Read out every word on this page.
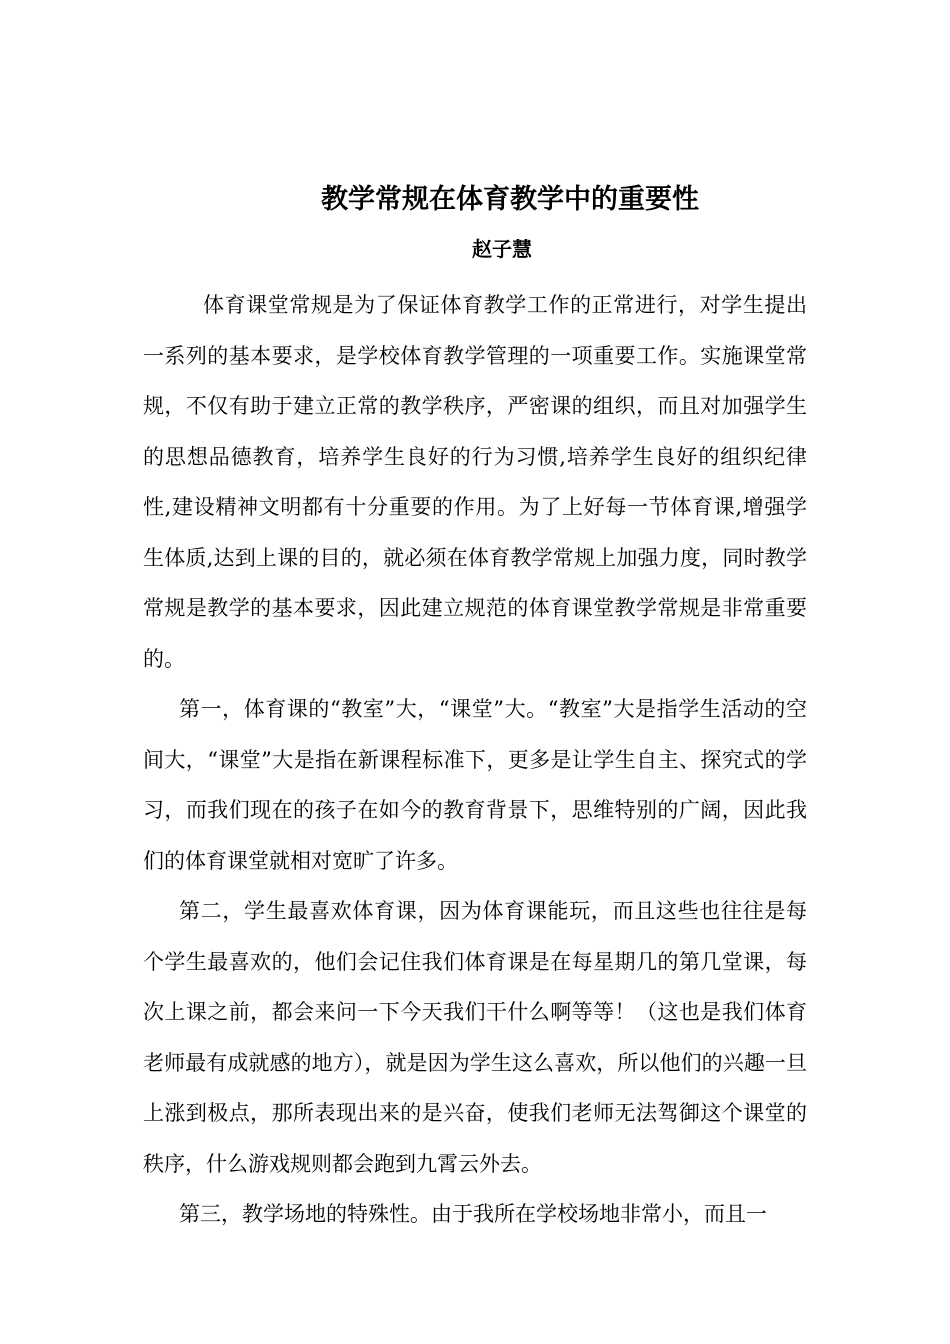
教学常规在体育教学中的重要性
赵子慧

体育课堂常规是为了保证体育教学工作的正常进行，对学生提出一系列的基本要求，是学校体育教学管理的一项重要工作。实施课堂常规，不仅有助于建立正常的教学秩序，严密课的组织，而且对加强学生的思想品德教育，培养学生良好的行为习惯,培养学生良好的组织纪律性,建设精神文明都有十分重要的作用。为了上好每一节体育课,增强学生体质,达到上课的目的，就必须在体育教学常规上加强力度，同时教学常规是教学的基本要求，因此建立规范的体育课堂教学常规是非常重要的。

第一，体育课的“教室”大，“课堂”大。“教室”大是指学生活动的空间大，“课堂”大是指在新课程标准下，更多是让学生自主、探究式的学习，而我们现在的孩子在如今的教育背景下，思维特别的广阔，因此我们的体育课堂就相对宽旷了许多。

第二，学生最喜欢体育课，因为体育课能玩，而且这些也往往是每个学生最喜欢的，他们会记住我们体育课是在每星期几的第几堂课，每次上课之前，都会来问一下今天我们干什么啊等等！（这也是我们体育老师最有成就感的地方），就是因为学生这么喜欢，所以他们的兴趣一旦上涨到极点，那所表现出来的是兴奋，使我们老师无法驾御这个课堂的秩序，什么游戏规则都会跑到九霄云外去。

第三，教学场地的特殊性。由于我所在学校场地非常小，而且一
